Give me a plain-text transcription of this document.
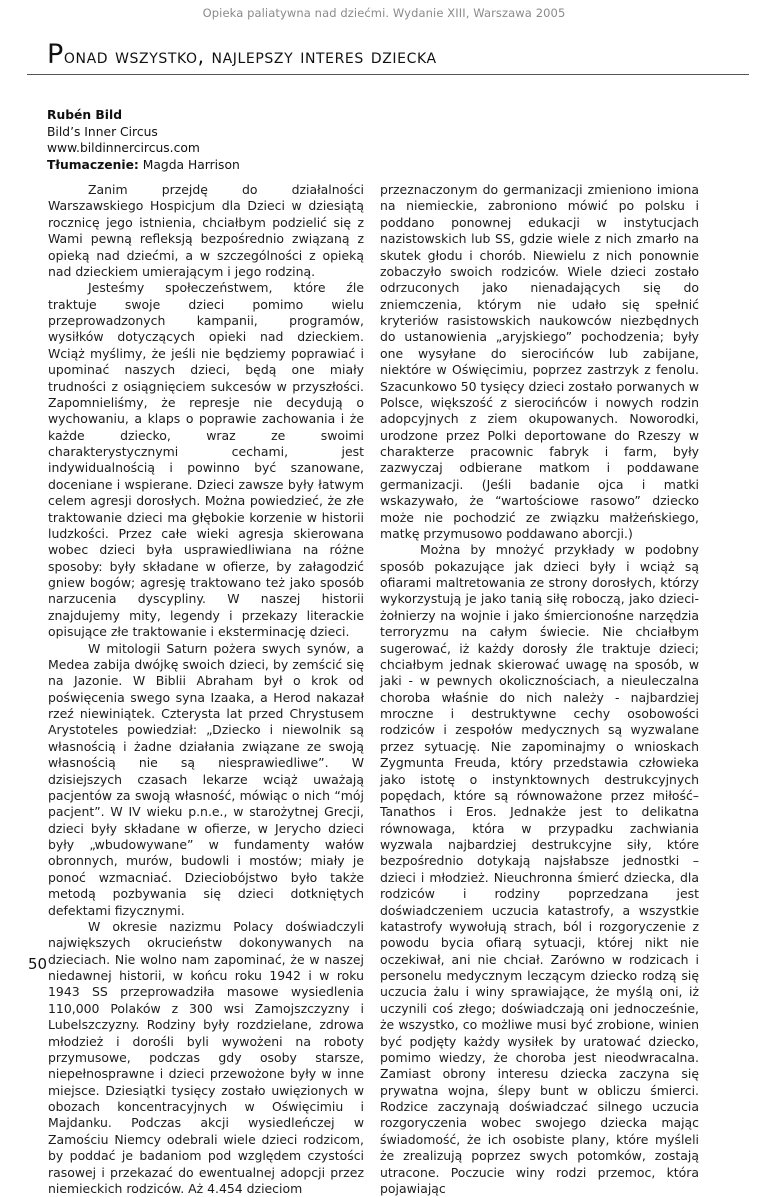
Opieka paliatywna nad dziećmi. Wydanie XIII, Warszawa 2005
Ponad wszystko, najlepszy interes dziecka
Rubén Bild
Bild’s Inner Circus
www.bildinnercircus.com
Tłumaczenie: Magda Harrison

Zanim przejdę do działalności Warszawskiego Hospicjum dla Dzieci w dziesiątą rocznicę jego istnienia, chciałbym podzielić się z Wami pewną refleksją bezpośrednio związaną z opieką nad dziećmi, a w szczególności z opieką nad dzieckiem umierającym i jego rodziną.

Jesteśmy społeczeństwem, które źle traktuje swoje dzieci pomimo wielu przeprowadzonych kampanii, programów, wysiłków dotyczących opieki nad dzieckiem. Wciąż myślimy, że jeśli nie będziemy poprawiać i upominać naszych dzieci, będą one miały trudności z osiągnięciem sukcesów w przyszłości. Zapomnieliśmy, że represje nie decydują o wychowaniu, a klaps o poprawie zachowania i że każde dziecko, wraz ze swoimi charakterystycznymi cechami, jest indywidualnością i powinno być szanowane, doceniane i wspierane. Dzieci zawsze były łatwym celem agresji dorosłych. Można powiedzieć, że złe traktowanie dzieci ma głębokie korzenie w historii ludzkości. Przez całe wieki agresja skierowana wobec dzieci była usprawiedliwiana na różne sposoby: były składane w ofierze, by załagodzić gniew bogów; agresję traktowano też jako sposób narzucenia dyscypliny. W naszej historii znajdujemy mity, legendy i przekazy literackie opisujące złe traktowanie i eksterminację dzieci.

W mitologii Saturn pożera swych synów, a Medea zabija dwójkę swoich dzieci, by zemścić się na Jazonie. W Biblii Abraham był o krok od poświęcenia swego syna Izaaka, a Herod nakazał rzeź niewiniątek. Czterysta lat przed Chrystusem Arystoteles powiedział: „Dziecko i niewolnik są własnością i żadne działania związane ze swoją własnością nie są niesprawiedliwe”. W dzisiejszych czasach lekarze wciąż uważają pacjentów za swoją własność, mówiąc o nich “mój pacjent”. W IV wieku p.n.e., w starożytnej Grecji, dzieci były składane w ofierze, w Jerycho dzieci były „wbudowywane” w fundamenty wałów obronnych, murów, budowli i mostów; miały je ponoć wzmacniać. Dzieciobójstwo było także metodą pozbywania się dzieci dotkniętych defektami fizycznymi.

W okresie nazizmu Polacy doświadczyli największych okrucieństw dokonywanych na dzieciach. Nie wolno nam zapominać, że w naszej niedawnej historii, w końcu roku 1942 i w roku 1943 SS przeprowadziła masowe wysiedlenia 110,000 Polaków z 300 wsi Zamojszczyzny i Lubelszczyzny. Rodziny były rozdzielane, zdrowa młodzież i dorośli byli wywożeni na roboty przymusowe, podczas gdy osoby starsze, niepełnosprawne i dzieci przewożone były w inne miejsce. Dziesiątki tysięcy zostało uwięzionych w obozach koncentracyjnych w Oświęcimiu i Majdanku. Podczas akcji wysiedleńczej w Zamościu Niemcy odebrali wiele dzieci rodzicom, by poddać je badaniom pod względem czystości rasowej i przekazać do ewentualnej adopcji przez niemieckich rodziców. Aż 4.454 dzieciom

przeznaczonym do germanizacji zmieniono imiona na niemieckie, zabroniono mówić po polsku i poddano ponownej edukacji w instytucjach nazistowskich lub SS, gdzie wiele z nich zmarło na skutek głodu i chorób. Niewielu z nich ponownie zobaczyło swoich rodziców. Wiele dzieci zostało odrzuconych jako nienadających się do zniemczenia, którym nie udało się spełnić kryteriów rasistowskich naukowców niezbędnych do ustanowienia „aryjskiego” pochodzenia; były one wysyłane do sierocińców lub zabijane, niektóre w Oświęcimiu, poprzez zastrzyk z fenolu. Szacunkowo 50 tysięcy dzieci zostało porwanych w Polsce, większość z sierocińców i nowych rodzin adopcyjnych z ziem okupowanych. Noworodki, urodzone przez Polki deportowane do Rzeszy w charakterze pracownic fabryk i farm, były zazwyczaj odbierane matkom i poddawane germanizacji. (Jeśli badanie ojca i matki wskazywało, że “wartościowe rasowo” dziecko może nie pochodzić ze związku małżeńskiego, matkę przymusowo poddawano aborcji.)

Można by mnożyć przykłady w podobny sposób pokazujące jak dzieci były i wciąż są ofiarami maltretowania ze strony dorosłych, którzy wykorzystują je jako tanią siłę roboczą, jako dzieci-żołnierzy na wojnie i jako śmiercionośne narzędzia terroryzmu na całym świecie. Nie chciałbym sugerować, iż każdy dorosły źle traktuje dzieci; chciałbym jednak skierować uwagę na sposób, w jaki - w pewnych okolicznościach, a nieuleczalna choroba właśnie do nich należy - najbardziej mroczne i destruktywne cechy osobowości rodziców i zespołów medycznych są wyzwalane przez sytuację. Nie zapominajmy o wnioskach Zygmunta Freuda, który przedstawia człowieka jako istotę o instynktownych destrukcyjnych popędach, które są równoważone przez miłość– Tanathos i Eros. Jednakże jest to delikatna równowaga, która w przypadku zachwiania wyzwala najbardziej destrukcyjne siły, które bezpośrednio dotykają najsłabsze jednostki – dzieci i młodzież. Nieuchronna śmierć dziecka, dla rodziców i rodziny poprzedzana jest doświadczeniem uczucia katastrofy, a wszystkie katastrofy wywołują strach, ból i rozgoryczenie z powodu bycia ofiarą sytuacji, której nikt nie oczekiwał, ani nie chciał. Zarówno w rodzicach i personelu medycznym leczącym dziecko rodzą się uczucia żalu i winy sprawiające, że myślą oni, iż uczynili coś złego; doświadczają oni jednocześnie, że wszystko, co możliwe musi być zrobione, winien być podjęty każdy wysiłek by uratować dziecko, pomimo wiedzy, że choroba jest nieodwracalna. Zamiast obrony interesu dziecka zaczyna się prywatna wojna, ślepy bunt w obliczu śmierci. Rodzice zaczynają doświadczać silnego uczucia rozgoryczenia wobec swojego dziecka mając świadomość, że ich osobiste plany, które myśleli że zrealizują poprzez swych potomków, zostają utracone. Poczucie winy rodzi przemoc, która pojawiając

50
